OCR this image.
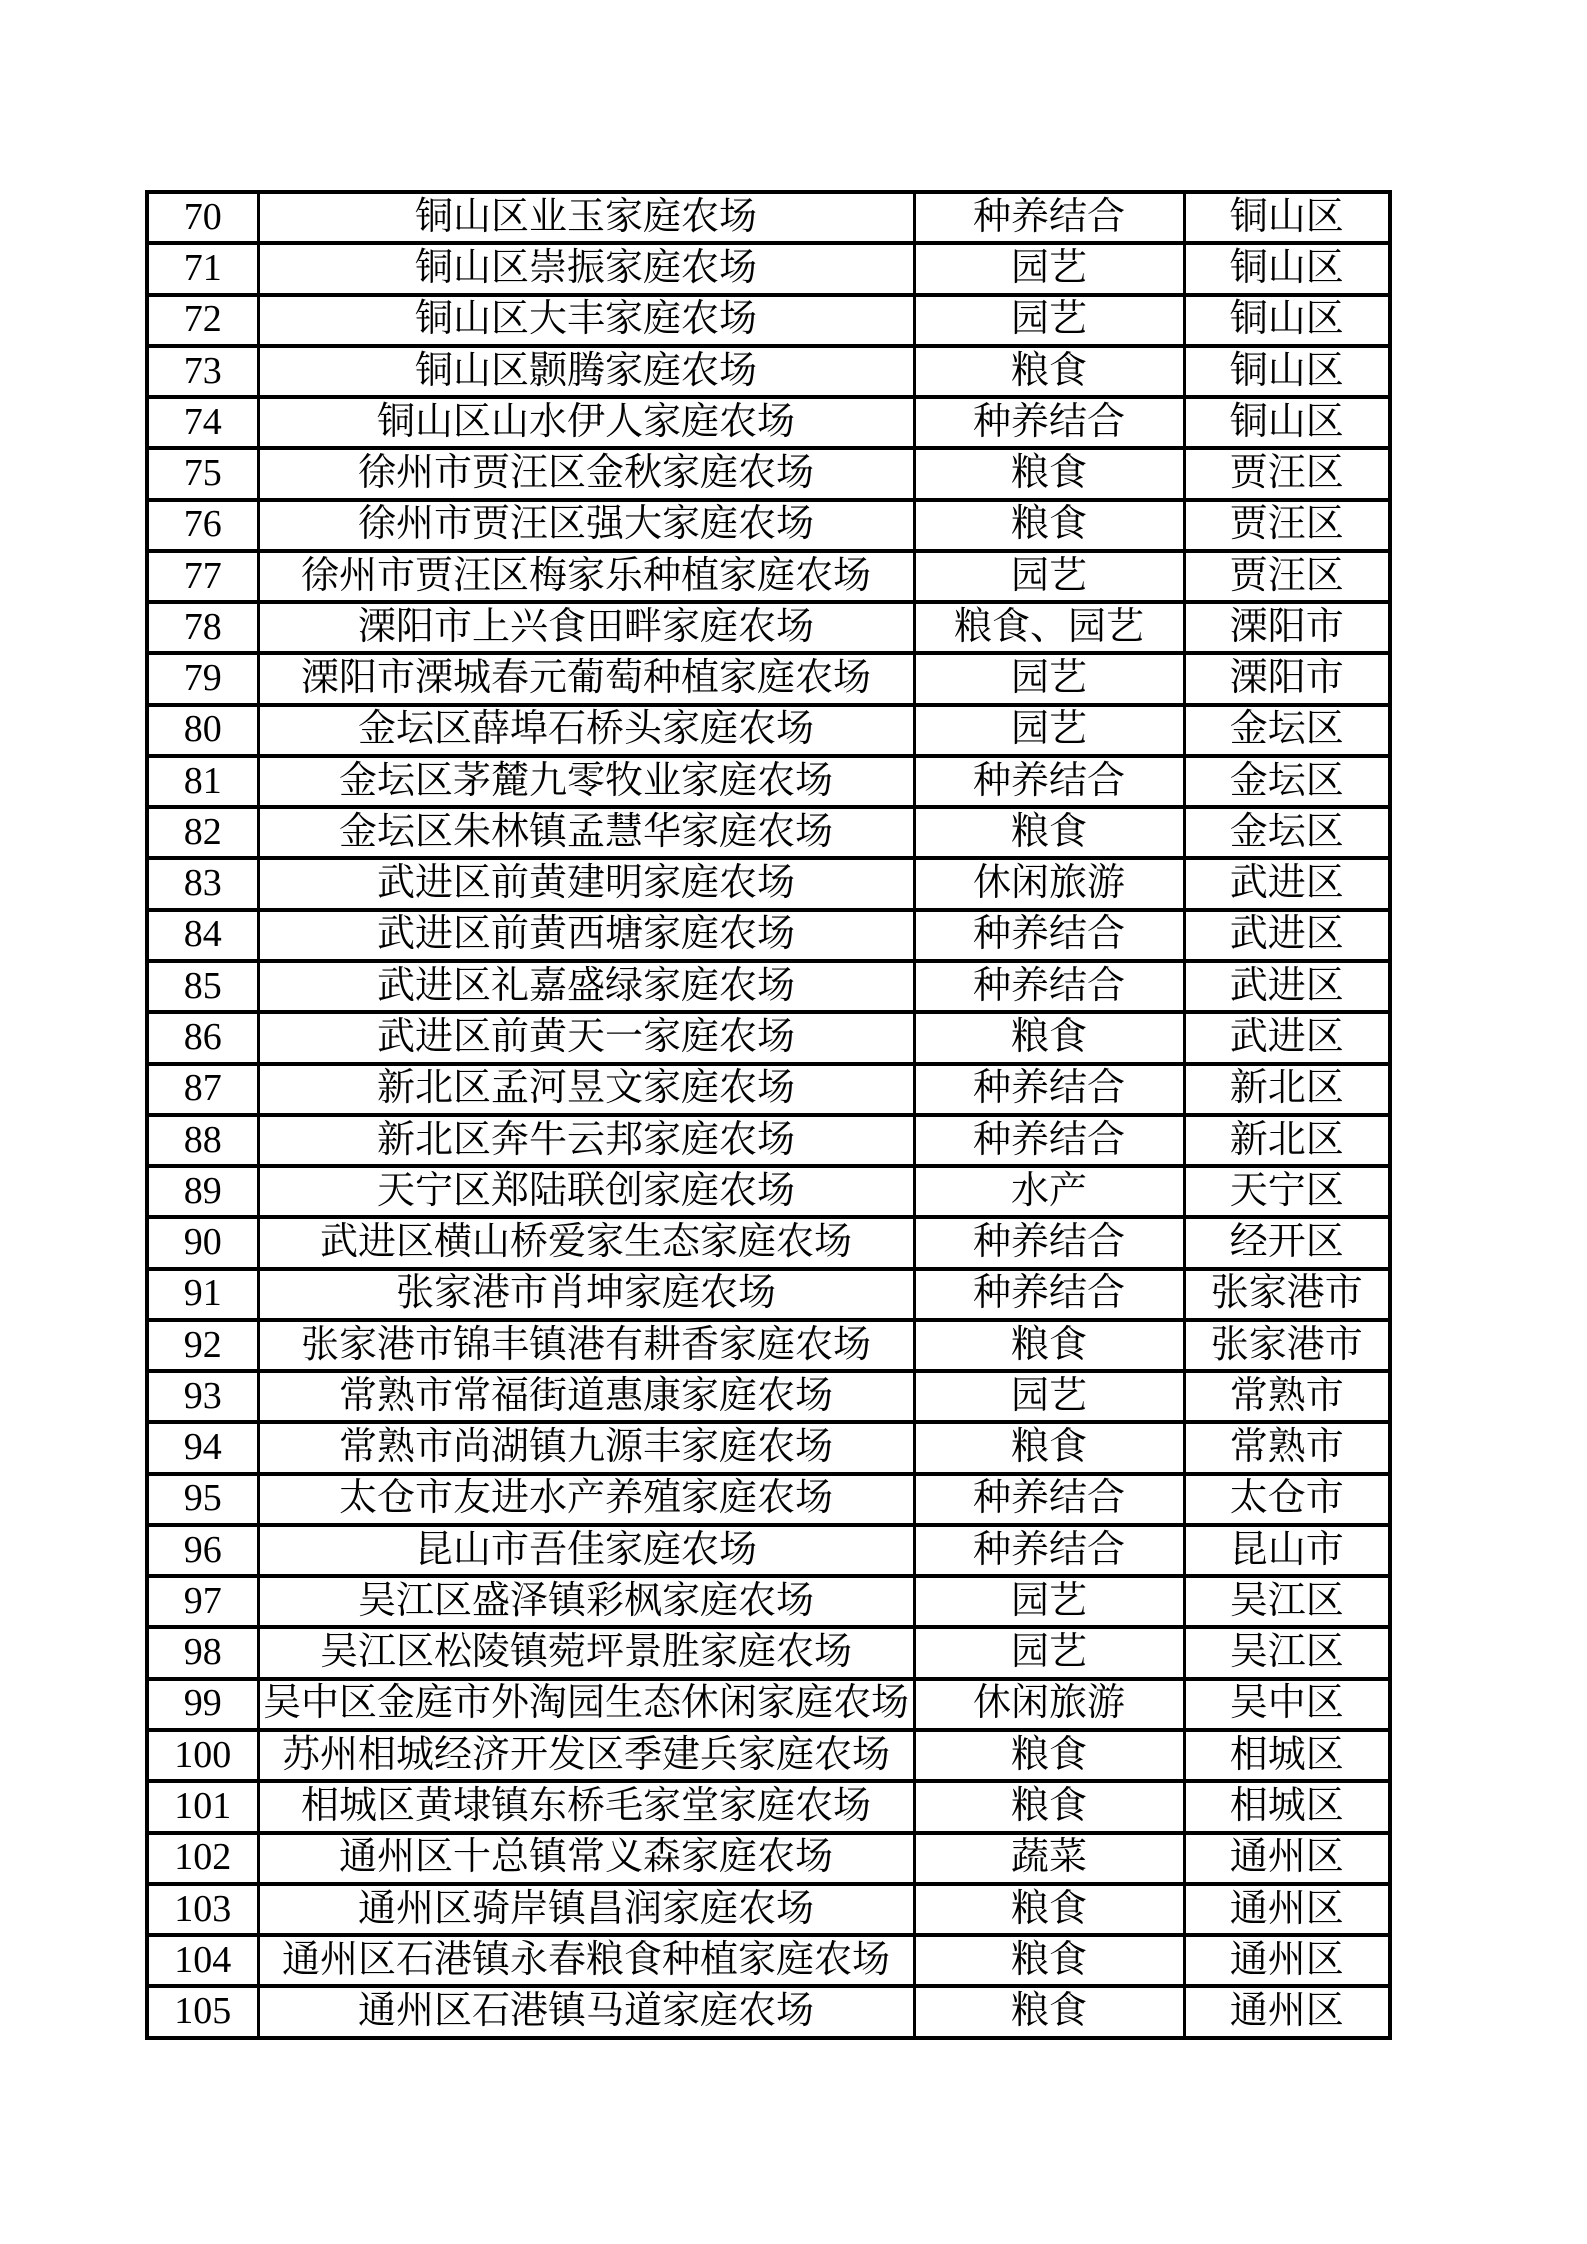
70	铜山区业玉家庭农场	种养结合	铜山区
71	铜山区崇振家庭农场	园艺	铜山区
72	铜山区大丰家庭农场	园艺	铜山区
73	铜山区颢腾家庭农场	粮食	铜山区
74	铜山区山水伊人家庭农场	种养结合	铜山区
75	徐州市贾汪区金秋家庭农场	粮食	贾汪区
76	徐州市贾汪区强大家庭农场	粮食	贾汪区
77	徐州市贾汪区梅家乐种植家庭农场	园艺	贾汪区
78	溧阳市上兴食田畔家庭农场	粮食、园艺	溧阳市
79	溧阳市溧城春元葡萄种植家庭农场	园艺	溧阳市
80	金坛区薛埠石桥头家庭农场	园艺	金坛区
81	金坛区茅麓九零牧业家庭农场	种养结合	金坛区
82	金坛区朱林镇孟慧华家庭农场	粮食	金坛区
83	武进区前黄建明家庭农场	休闲旅游	武进区
84	武进区前黄西塘家庭农场	种养结合	武进区
85	武进区礼嘉盛绿家庭农场	种养结合	武进区
86	武进区前黄天一家庭农场	粮食	武进区
87	新北区孟河昱文家庭农场	种养结合	新北区
88	新北区奔牛云邦家庭农场	种养结合	新北区
89	天宁区郑陆联创家庭农场	水产	天宁区
90	武进区横山桥爱家生态家庭农场	种养结合	经开区
91	张家港市肖坤家庭农场	种养结合	张家港市
92	张家港市锦丰镇港有耕香家庭农场	粮食	张家港市
93	常熟市常福街道惠康家庭农场	园艺	常熟市
94	常熟市尚湖镇九源丰家庭农场	粮食	常熟市
95	太仓市友进水产养殖家庭农场	种养结合	太仓市
96	昆山市吾佳家庭农场	种养结合	昆山市
97	吴江区盛泽镇彩枫家庭农场	园艺	吴江区
98	吴江区松陵镇菀坪景胜家庭农场	园艺	吴江区
99	吴中区金庭市外淘园生态休闲家庭农场	休闲旅游	吴中区
100	苏州相城经济开发区季建兵家庭农场	粮食	相城区
101	相城区黄埭镇东桥毛家堂家庭农场	粮食	相城区
102	通州区十总镇常义森家庭农场	蔬菜	通州区
103	通州区骑岸镇昌润家庭农场	粮食	通州区
104	通州区石港镇永春粮食种植家庭农场	粮食	通州区
105	通州区石港镇马道家庭农场	粮食	通州区
